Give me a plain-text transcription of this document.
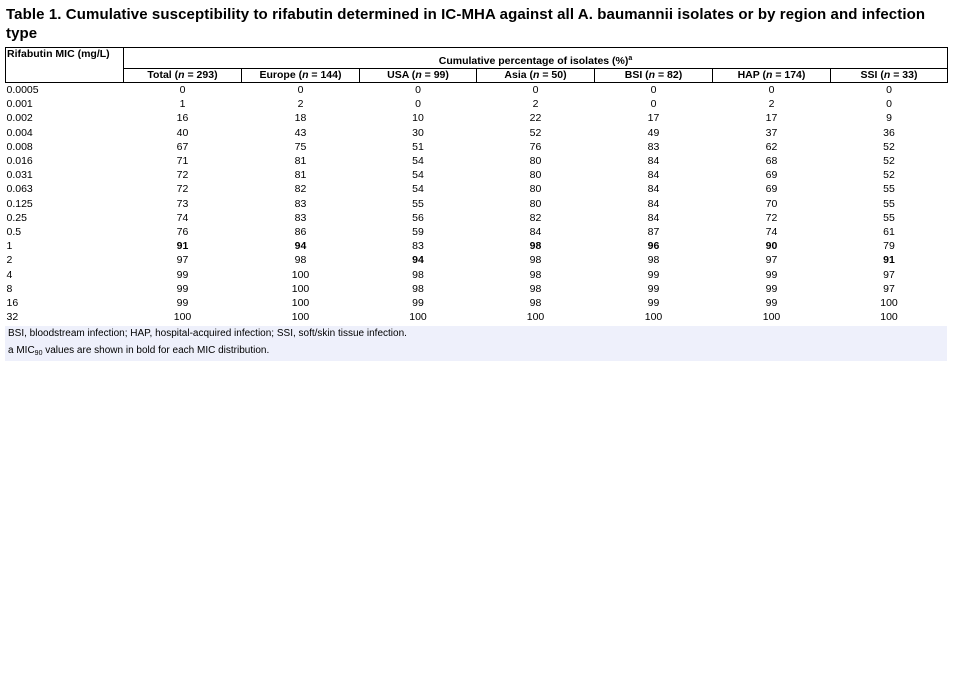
Table 1. Cumulative susceptibility to rifabutin determined in IC-MHA against all A. baumannii isolates or by region and infection type

Rifabutin MIC (mg/L)	Cumulative percentage of isolates (%)$^a$
	Total (n = 293)	Europe (n = 144)	USA (n = 99)	Asia (n = 50)	BSI (n = 82)	HAP (n = 174)	SSI (n = 33)
0.0005	0	0	0	0	0	0	0
0.001	1	2	0	2	0	2	0
0.002	16	18	10	22	17	17	9
0.004	40	43	30	52	49	37	36
0.008	67	75	51	76	83	62	52
0.016	71	81	54	80	84	68	52
0.031	72	81	54	80	84	69	52
0.063	72	82	54	80	84	69	55
0.125	73	83	55	80	84	70	55
0.25	74	83	56	82	84	72	55
0.5	76	86	59	84	87	74	61
1	91	94	83	98	96	90	79
2	97	98	94	98	98	97	91
4	99	100	98	98	99	99	97
8	99	100	98	98	99	99	97
16	99	100	99	98	99	99	100
32	100	100	100	100	100	100	100
BSI, bloodstream infection; HAP, hospital-acquired infection; SSI, soft/skin tissue infection.
a $MIC_{90}$ values are shown in bold for each MIC distribution.
